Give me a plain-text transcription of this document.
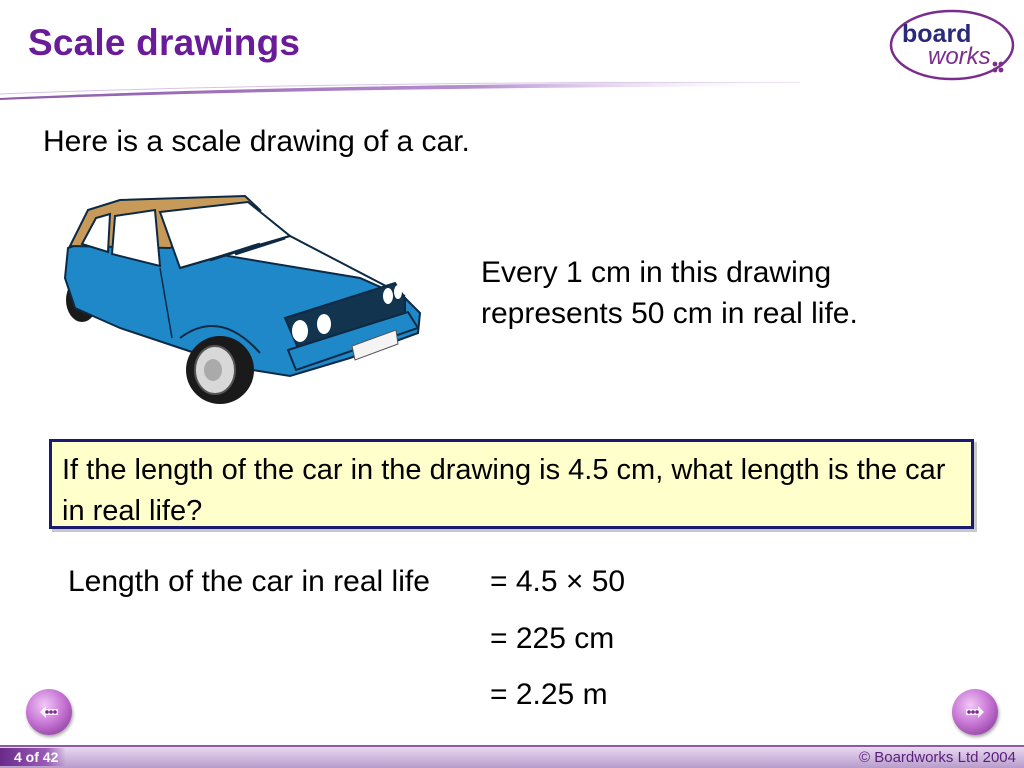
Scale drawings	board
works
Here is a scale drawing of a car.
Every 1 cm in this drawing
represents 50 cm in real life.
If the length of the car in the drawing is 4.5 cm, what length is the car in real life?
Length of the car in real life = 4.5 × 50
= 225 cm
= 2.25 m
4 of 42	© Boardworks Ltd 2004
